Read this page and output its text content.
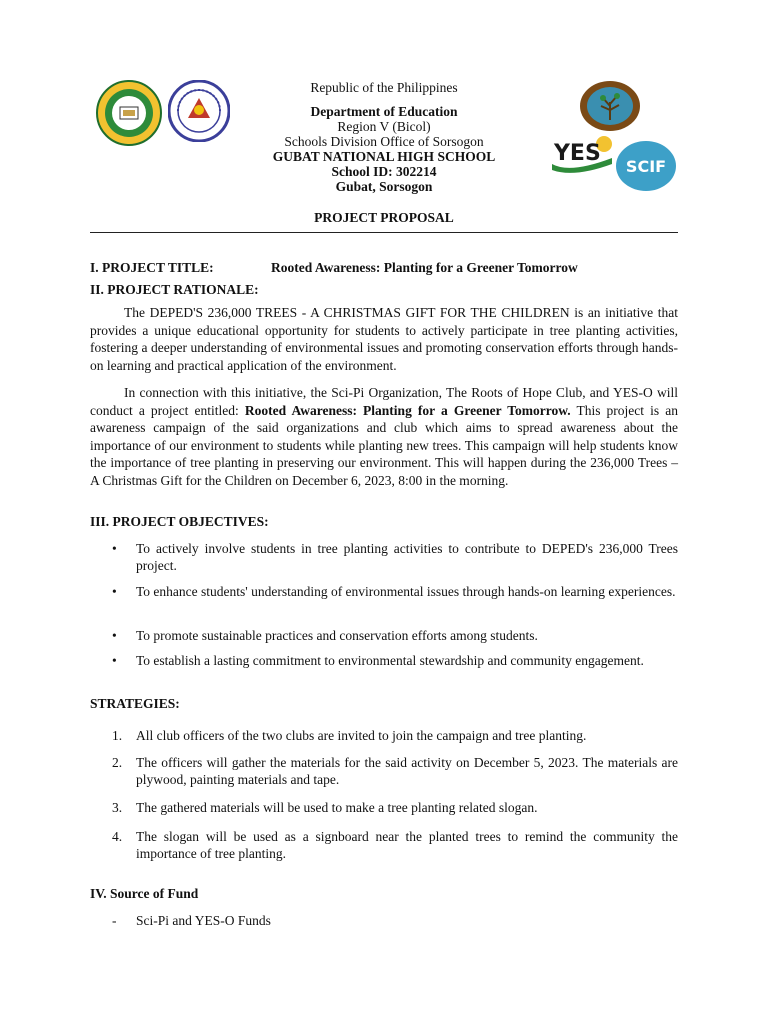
YES
SCIF
Republic of the Philippines
Department of Education
Region V (Bicol)
Schools Division Office of Sorsogon
GUBAT NATIONAL HIGH SCHOOL
School ID: 302214
Gubat, Sorsogon
PROJECT PROPOSAL
I. PROJECT TITLE:	Rooted Awareness: Planting for a Greener Tomorrow
II. PROJECT RATIONALE:
The DEPED'S 236,000 TREES - A CHRISTMAS GIFT FOR THE CHILDREN is an initiative that provides a unique educational opportunity for students to actively participate in tree planting activities, fostering a deeper understanding of environmental issues and promoting conservation efforts through hands-on learning and practical application of the environment.
In connection with this initiative, the Sci-Pi Organization, The Roots of Hope Club, and YES-O will conduct a project entitled: Rooted Awareness: Planting for a Greener Tomorrow. This project is an awareness campaign of the said organizations and club which aims to spread awareness about the importance of our environment to students while planting new trees. This campaign will help students know the importance of tree planting in preserving our environment. This will happen during the 236,000 Trees – A Christmas Gift for the Children on December 6, 2023, 8:00 in the morning.
III. PROJECT OBJECTIVES:
• To actively involve students in tree planting activities to contribute to DEPED's 236,000 Trees project.
• To enhance students' understanding of environmental issues through hands-on learning experiences.
• To promote sustainable practices and conservation efforts among students.
• To establish a lasting commitment to environmental stewardship and community engagement.
STRATEGIES:
1. All club officers of the two clubs are invited to join the campaign and tree planting.
2. The officers will gather the materials for the said activity on December 5, 2023. The materials are plywood, painting materials and tape.
3. The gathered materials will be used to make a tree planting related slogan.
4. The slogan will be used as a signboard near the planted trees to remind the community the importance of tree planting.
IV. Source of Fund
- Sci-Pi and YES-O Funds
